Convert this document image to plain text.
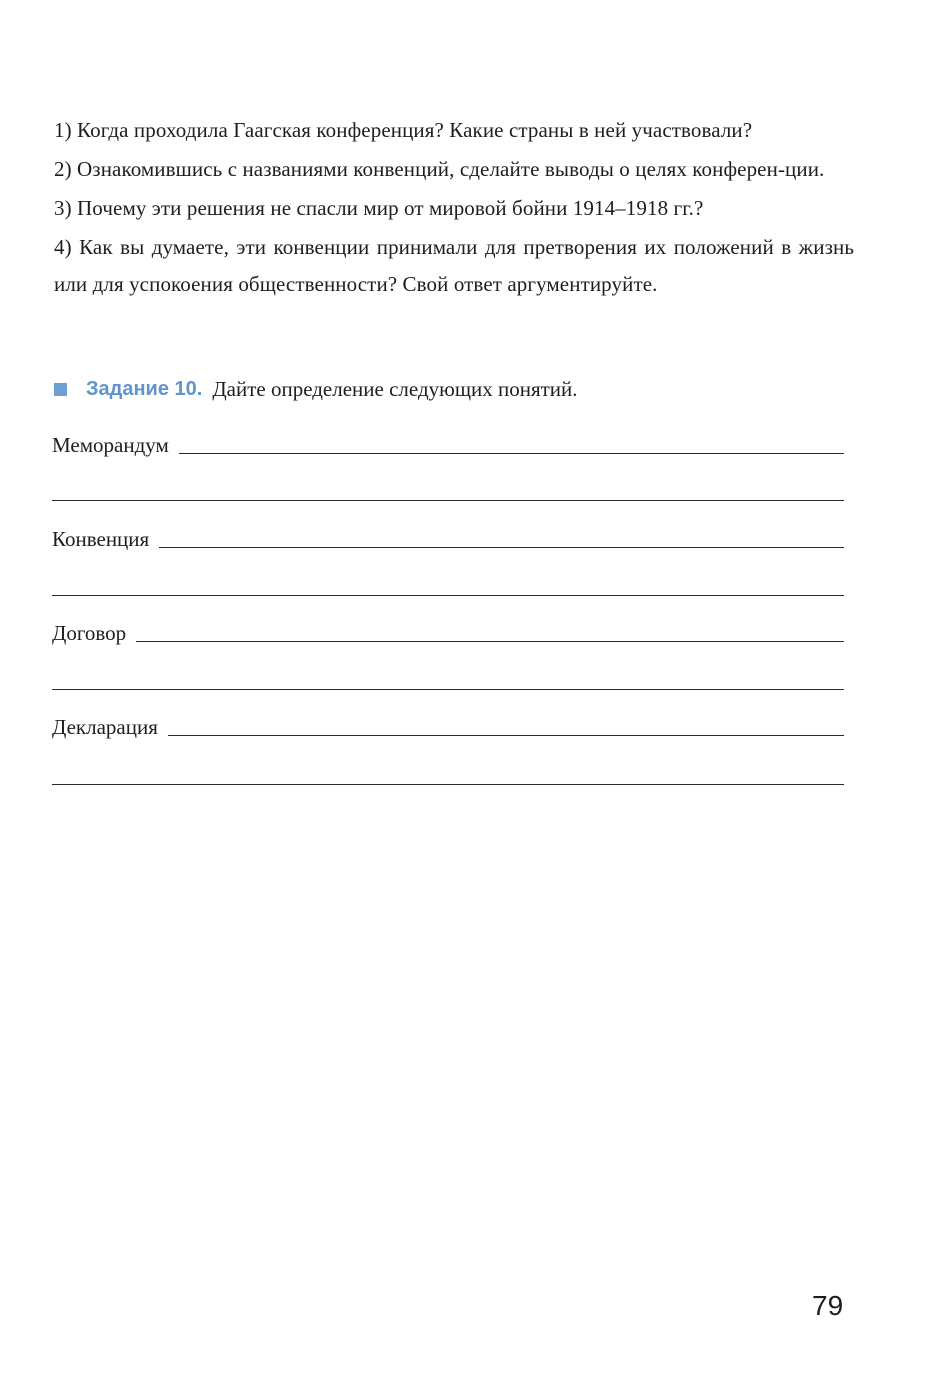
1) Когда проходила Гаагская конференция? Какие страны в ней участвовали?

2) Ознакомившись с названиями конвенций, сделайте выводы о целях конферен-ции.

3) Почему эти решения не спасли мир от мировой бойни 1914–1918 гг.?

4) Как вы думаете, эти конвенции принимали для претворения их положений в жизнь или для успокоения общественности? Свой ответ аргументируйте.

Задание 10. Дайте определение следующих понятий.
Меморандум
Конвенция
Договор
Декларация
79
